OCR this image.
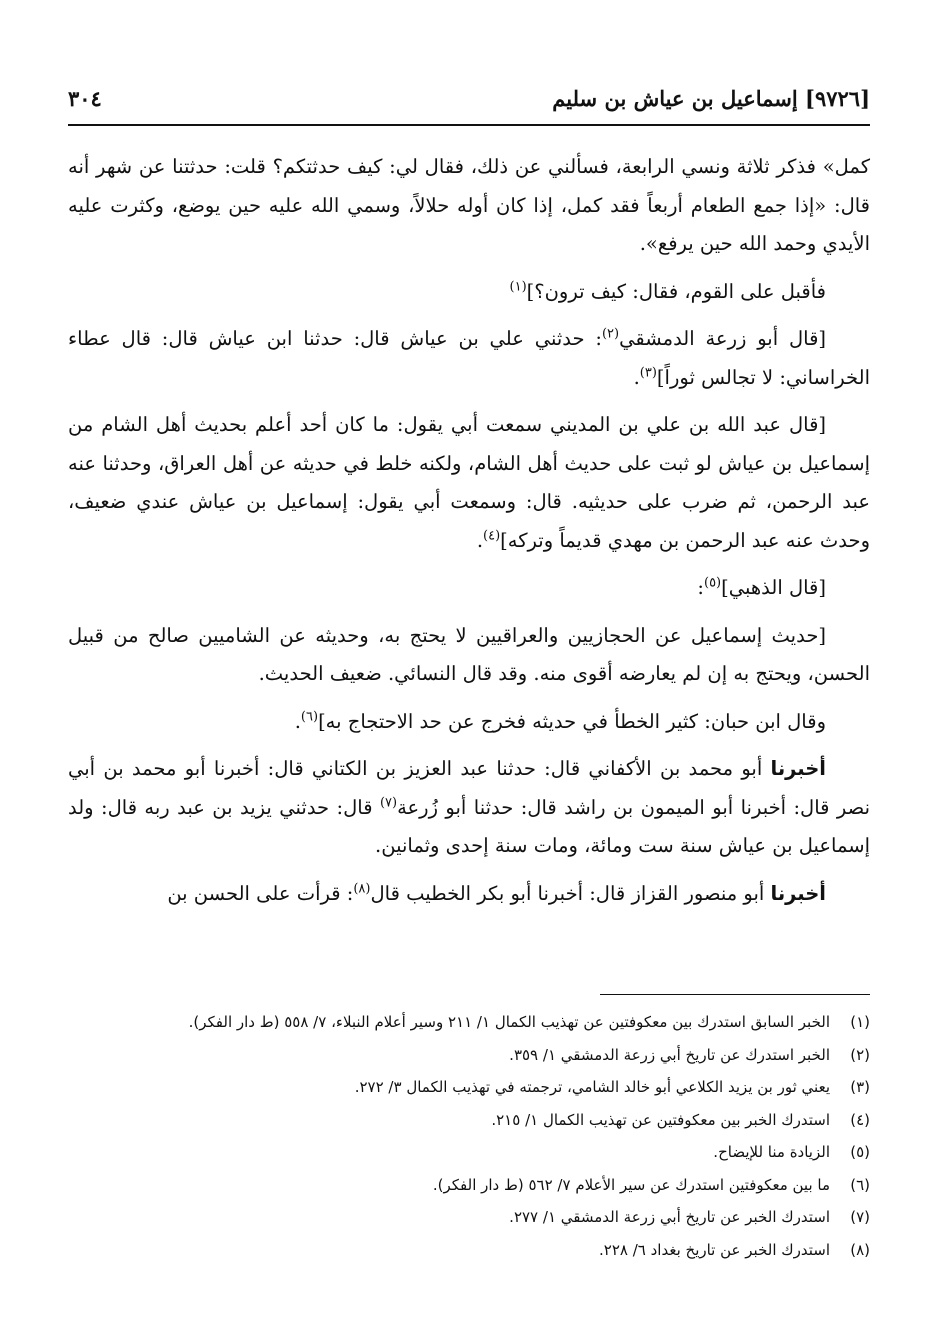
[٩٧٢٦] إسماعيل بن عياش بن سليم
٣٠٤

كمل» فذكر ثلاثة ونسي الرابعة، فسألني عن ذلك، فقال لي: كيف حدثتكم؟ قلت: حدثتنا عن شهر أنه قال: «إذا جمع الطعام أربعاً فقد كمل، إذا كان أوله حلالاً، وسمي الله عليه حين يوضع، وكثرت عليه الأيدي وحمد الله حين يرفع».

فأقبل على القوم، فقال: كيف ترون؟]$^{(١)}$

[قال أبو زرعة الدمشقي$^{(٢)}$: حدثني علي بن عياش قال: حدثنا ابن عياش قال: قال عطاء الخراساني: لا تجالس ثوراً]$^{(٣)}$.

[قال عبد الله بن علي بن المديني سمعت أبي يقول: ما كان أحد أعلم بحديث أهل الشام من إسماعيل بن عياش لو ثبت على حديث أهل الشام، ولكنه خلط في حديثه عن أهل العراق، وحدثنا عنه عبد الرحمن، ثم ضرب على حديثيه. قال: وسمعت أبي يقول: إسماعيل بن عياش عندي ضعيف، وحدث عنه عبد الرحمن بن مهدي قديماً وتركه]$^{(٤)}$.

[قال الذهبي]$^{(٥)}$:

[حديث إسماعيل عن الحجازيين والعراقيين لا يحتج به، وحديثه عن الشاميين صالح من قبيل الحسن، ويحتج به إن لم يعارضه أقوى منه. وقد قال النسائي. ضعيف الحديث.

وقال ابن حبان: كثير الخطأ في حديثه فخرج عن حد الاحتجاج به]$^{(٦)}$.

أخبرنا أبو محمد بن الأكفاني قال: حدثنا عبد العزيز بن الكتاني قال: أخبرنا أبو محمد بن أبي نصر قال: أخبرنا أبو الميمون بن راشد قال: حدثنا أبو زُرعة$^{(٧)}$ قال: حدثني يزيد بن عبد ربه قال: ولد إسماعيل بن عياش سنة ست ومائة، ومات سنة إحدى وثمانين.

أخبرنا أبو منصور القزاز قال: أخبرنا أبو بكر الخطيب قال$^{(٨)}$: قرأت على الحسن بن

(١)
الخبر السابق استدرك بين معكوفتين عن تهذيب الكمال ١/ ٢١١ وسير أعلام النبلاء، ٧/ ٥٥٨ (ط دار الفكر).
(٢)
الخبر استدرك عن تاريخ أبي زرعة الدمشقي ١/ ٣٥٩.
(٣)
يعني ثور بن يزيد الكلاعي أبو خالد الشامي، ترجمته في تهذيب الكمال ٣/ ٢٧٢.
(٤)
استدرك الخبر بين معكوفتين عن تهذيب الكمال ١/ ٢١٥.
(٥)
الزيادة منا للإيضاح.
(٦)
ما بين معكوفتين استدرك عن سير الأعلام ٧/ ٥٦٢ (ط دار الفكر).
(٧)
استدرك الخبر عن تاريخ أبي زرعة الدمشقي ١/ ٢٧٧.
(٨)
استدرك الخبر عن تاريخ بغداد ٦/ ٢٢٨.
